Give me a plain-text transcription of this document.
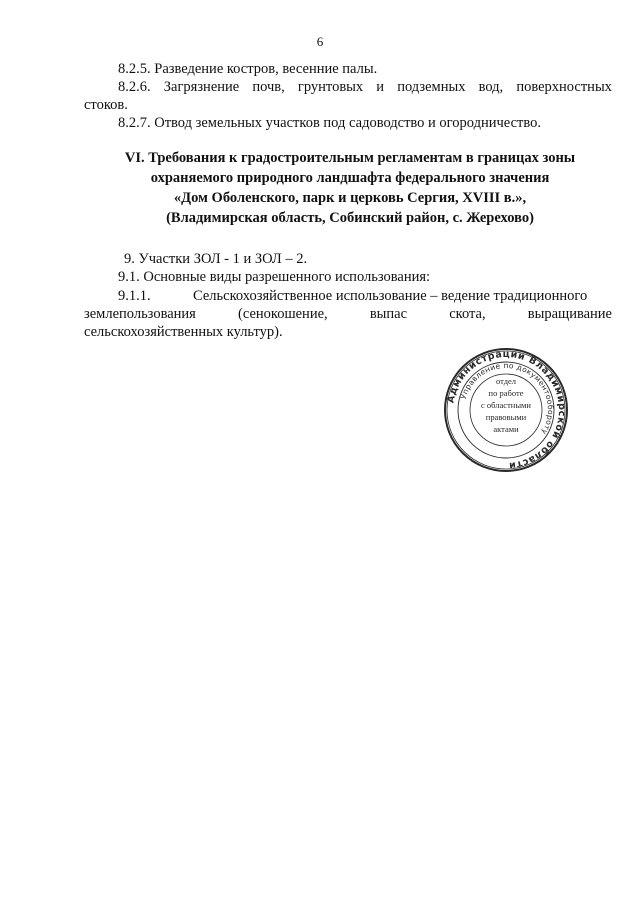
6
8.2.5. Разведение костров, весенние палы.
8.2.6. Загрязнение почв, грунтовых и подземных вод, поверхностных
стоков.
8.2.7. Отвод земельных участков под садоводство и огородничество.
VI. Требования к градостроительным регламентам в границах зоны
охраняемого природного ландшафта федерального значения
«Дом Оболенского, парк и церковь Сергия, XVIII в.»,
(Владимирская область, Собинский район, с. Жерехово)
9. Участки ЗОЛ - 1 и ЗОЛ – 2.
9.1. Основные виды разрешенного использования:
9.1.1.	Сельскохозяйственное использование – ведение традиционного
землепользования	(сенокошение,	выпас	скота,	выращивание
сельскохозяйственных культур).
Администрации Владимирской области
Управление по документообороту
отдел
по работе
с областными
правовыми
актами
